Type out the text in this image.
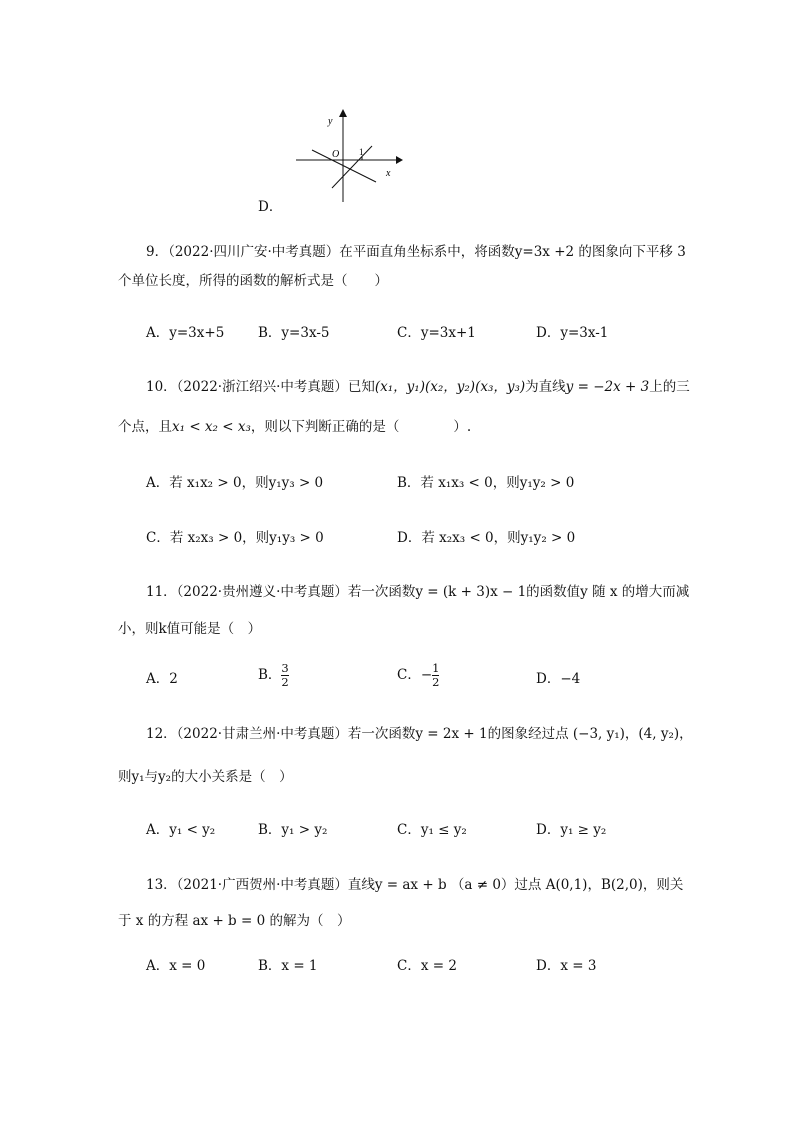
y
O 1
x
D．
9．（2022·四川广安·中考真题）在平面直角坐标系中，将函数y=3x +2 的图象向下平移 3
个单位长度，所得的函数的解析式是（　　）
A．y=3x+5 B．y=3x-5	C．y=3x+1	D．y=3x-1
10．（2022·浙江绍兴·中考真题）已知(x₁，y₁)(x₂，y₂)(x₃，y₃)为直线y = −2x + 3上的三
个点，且x₁ < x₂ < x₃，则以下判断正确的是（　　　　）.
A．若 x₁x₂ > 0，则y₁y₃ > 0	B．若 x₁x₃ < 0，则y₁y₂ > 0
C．若 x₂x₃ > 0，则y₁y₃ > 0	D．若 x₂x₃ < 0，则y₁y₂ > 0
11．（2022·贵州遵义·中考真题）若一次函数y = (k + 3)x − 1的函数值y 随 x 的增大而减
小，则k值可能是（　）
A．2	B． $\frac{3}{2}$	C．− $\frac{1}{2}$	D．−4
12．（2022·甘肃兰州·中考真题）若一次函数y = 2x + 1的图象经过点 (−3, y₁)，(4, y₂)，
则y₁与y₂的大小关系是（　）
A．y₁ < y₂	B．y₁ > y₂	C．y₁ ≤ y₂	D．y₁ ≥ y₂
13．（2021·广西贺州·中考真题）直线y = ax + b （a ≠ 0）过点 A(0,1)，B(2,0)，则关
于 x 的方程 ax + b = 0 的解为（　）
A．x = 0	B．x = 1	C．x = 2	D．x = 3
